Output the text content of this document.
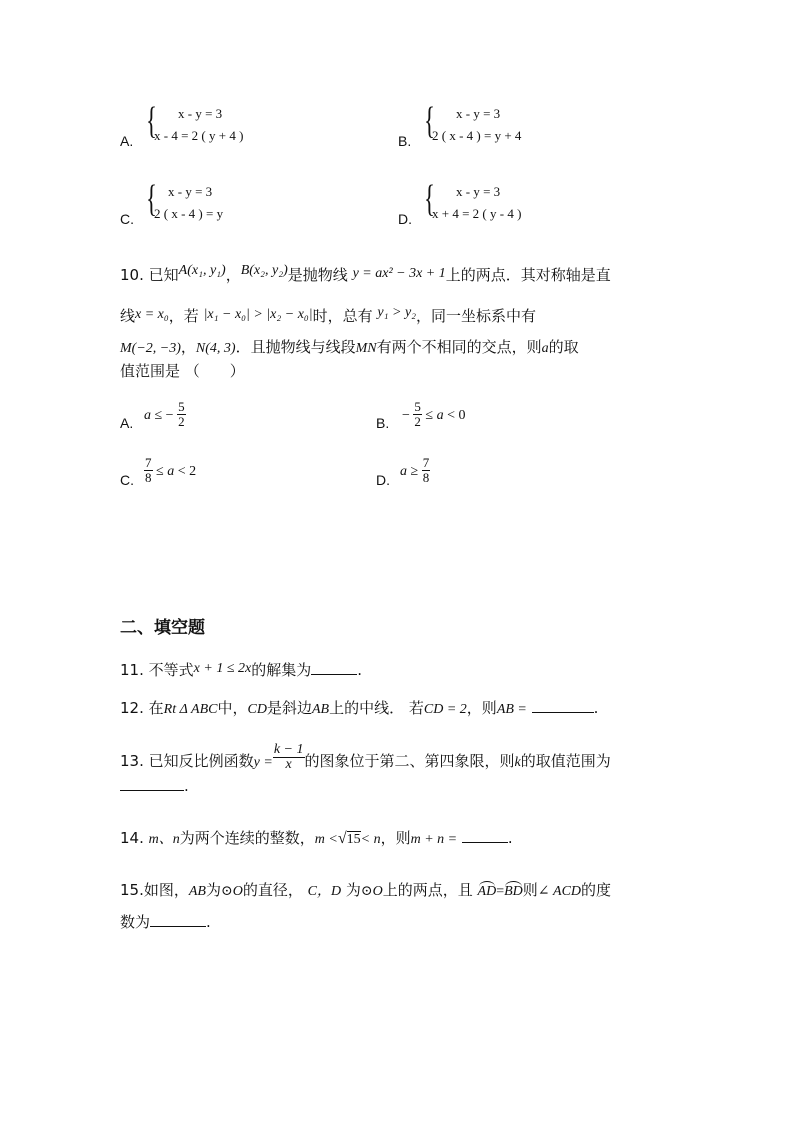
A. { x - y = 3
x - 4 = 2 ( y + 4 )	B. { x - y = 3
2 ( x - 4 ) = y + 4
C. { x - y = 3
2 ( x - 4 ) = y	D. { x - y = 3
x + 4 = 2 ( y - 4 )
10. 已知A(x₁, y₁)，B(x₂, y₂)是抛物线 y = ax² − 3x + 1上的两点．其对称轴是直
线x = x₀，若 |x₁ − x₀| > |x₂ − x₀|时，总有 y₁ > y₂，同一坐标系中有
M(−2, −3)，N(4, 3)．且抛物线与线段MN有两个不相同的交点，则a的取
值范围是 （　　）
A. a ≤ − $\frac{5}{2}$	B. − $\frac{5}{2} \le a < 0$
C. $\frac{7}{8} \le a < 2$
D.
$a \ge \frac{7}{8}$
二、填空题
11. 不等式x + 1 ≤ 2x的解集为	.
12. 在Rt Δ ABC中，CD是斜边AB上的中线． 若CD = 2，则AB =	.
13. 已知反比例函数$y = \frac{k - 1}{x}$ 的图象位于第二、第四象限，则k的取值范围为
.
14. m、n为两个连续的整数，m <√15< n，则m + n =	.
15.如图，AB为⊙O的直径， C，D 为⊙O上的两点，且 AD=BD则∠ ACD的度
数为	.
